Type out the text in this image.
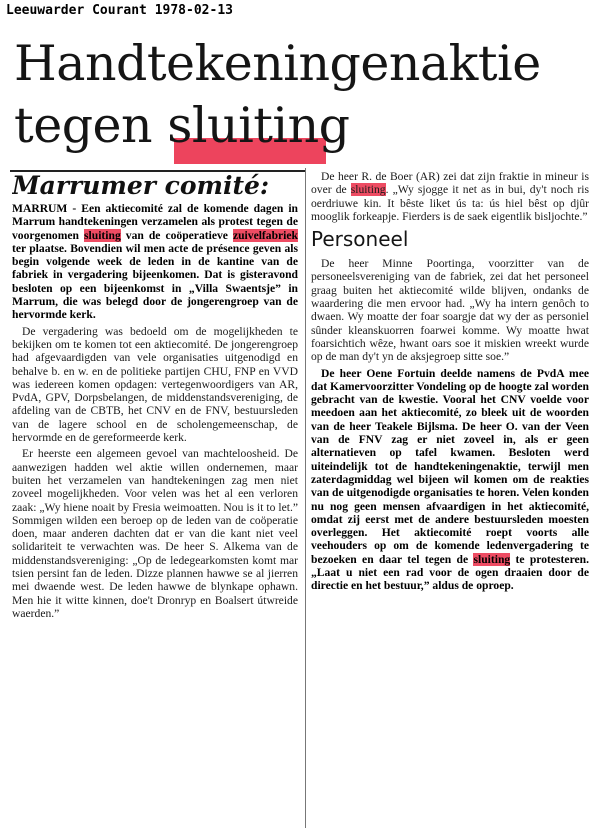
Leeuwarder Courant 1978-02-13
Handtekeningenaktie
tegen sluiting
Marrumer comité:

MARRUM - Een aktiecomité zal de komende dagen in Marrum handtekeningen verzamelen als protest tegen de voorgenomen sluiting van de coöperatieve zuivelfabriek ter plaatse. Bovendien wil men acte de présence geven als begin volgende week de leden in de kantine van de fabriek in vergadering bijeenkomen. Dat is gisteravond besloten op een bijeenkomst in „Villa Swaentsje” in Marrum, die was belegd door de jongerengroep van de hervormde kerk.

De vergadering was bedoeld om de mogelijkheden te bekijken om te komen tot een aktiecomité. De jongerengroep had afgevaardigden van vele organisaties uitgenodigd en behalve b. en w. en de politieke partijen CHU, FNP en VVD was iedereen komen opdagen: vertegenwoordigers van AR, PvdA, GPV, Dorpsbelangen, de middenstandsvereniging, de afdeling van de CBTB, het CNV en de FNV, bestuursleden van de lagere school en de scholengemeenschap, de hervormde en de gereformeerde kerk.

Er heerste een algemeen gevoel van machteloosheid. De aanwezigen hadden wel aktie willen ondernemen, maar buiten het verzamelen van handtekeningen zag men niet zoveel mogelijkheden. Voor velen was het al een verloren zaak: „Wy hiene noait by Fresia weimoatten. Nou is it to let.” Sommigen wilden een beroep op de leden van de coöperatie doen, maar anderen dachten dat er van die kant niet veel solidariteit te verwachten was. De heer S. Alkema van de middenstandsvereniging: „Op de ledegearkomsten komt mar tsien persint fan de leden. Dizze plannen hawwe se al jierren mei dwaende west. De leden hawwe de blynkape ophawn. Men hie it witte kinnen, doe't Dronryp en Boalsert útwreide waerden.”

De heer R. de Boer (AR) zei dat zijn fraktie in mineur is over de sluiting. „Wy sjogge it net as in bui, dy't noch ris oerdriuwe kin. It bêste liket ús ta: ús hiel bêst op djûr mooglik forkeapje. Fierders is de saek eigentlik bisljochte.”

Personeel

De heer Minne Poortinga, voorzitter van de personeelsvereniging van de fabriek, zei dat het personeel graag buiten het aktiecomité wilde blijven, ondanks de waardering die men ervoor had. „Wy ha intern genôch to dwaen. Wy moatte der foar soargje dat wy der as personiel sûnder kleanskuorren foarwei komme. Wy moatte hwat foarsichtich wêze, hwant oars soe it miskien wreekt wurde op de man dy't yn de aksjegroep sitte soe.”

De heer Oene Fortuin deelde namens de PvdA mee dat Kamervoorzitter Vondeling op de hoogte zal worden gebracht van de kwestie. Vooral het CNV voelde voor meedoen aan het aktiecomité, zo bleek uit de woorden van de heer Teakele Bijlsma. De heer O. van der Veen van de FNV zag er niet zoveel in, als er geen alternatieven op tafel kwamen. Besloten werd uiteindelijk tot de handtekeningenaktie, terwijl men zaterdagmiddag wel bijeen wil komen om de reakties van de uitgenodigde organisaties te horen. Velen konden nu nog geen mensen afvaardigen in het aktiecomité, omdat zij eerst met de andere bestuursleden moesten overleggen. Het aktiecomité roept voorts alle veehouders op om de komende ledenvergadering te bezoeken en daar tel tegen de sluiting te protesteren. „Laat u niet een rad voor de ogen draaien door de directie en het bestuur,” aldus de oproep.
